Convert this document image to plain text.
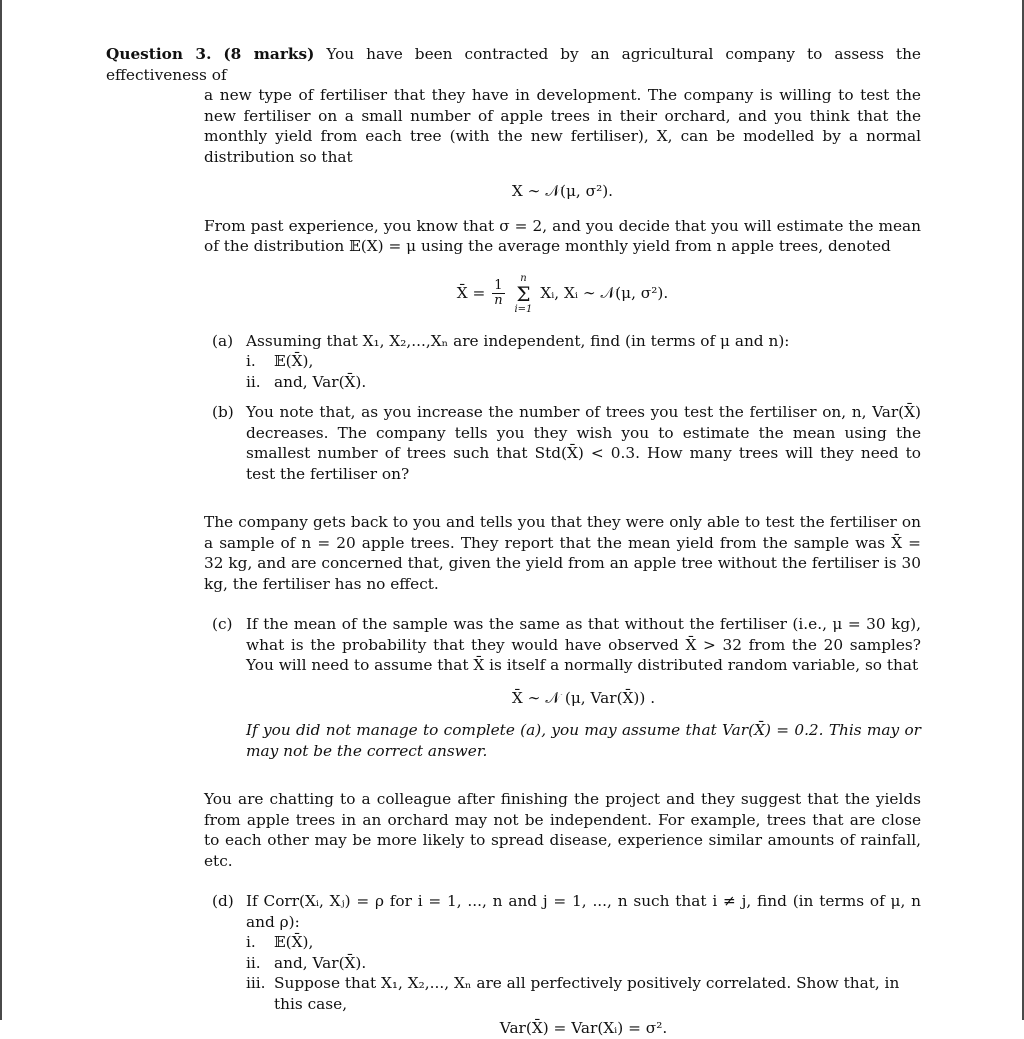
Question 3. (8 marks) You have been contracted by an agricultural company to assess the effectiveness of

a new type of fertiliser that they have in development. The company is willing to test the new fertiliser on a small number of apple trees in their orchard, and you think that the monthly yield from each tree (with the new fertiliser), X, can be modelled by a normal distribution so that

X ∼ 𝒩(μ, σ²).

From past experience, you know that σ = 2, and you decide that you will estimate the mean of the distribution 𝔼(X) = μ using the average monthly yield from n apple trees, denoted

X̄ = $\frac{1}{n}$

n
Σ
i=1
Xᵢ, Xᵢ ∼ 𝒩(μ, σ²).
(a) Assuming that X₁, X₂,...,Xₙ are independent, find (in terms of μ and n):
i. 𝔼(X̄),
ii. and, Var(X̄).
(b) You note that, as you increase the number of trees you test the fertiliser on, n, Var(X̄) decreases. The company tells you they wish you to estimate the mean using the smallest number of trees such that Std(X̄) < 0.3. How many trees will they need to test the fertiliser on?

The company gets back to you and tells you that they were only able to test the fertiliser on a sample of n = 20 apple trees. They report that the mean yield from the sample was X̄ = 32 kg, and are concerned that, given the yield from an apple tree without the fertiliser is 30 kg, the fertiliser has no effect.

(c) If the mean of the sample was the same as that without the fertiliser (i.e., μ = 30 kg), what is the probability that they would have observed X̄ > 32 from the 20 samples? You will need to assume that X̄ is itself a normally distributed random variable, so that
X̄ ∼ 𝒩 (μ, Var(X̄)) .

If you did not manage to complete (a), you may assume that Var(X̄) = 0.2. This may or may not be the correct answer.

You are chatting to a colleague after finishing the project and they suggest that the yields from apple trees in an orchard may not be independent. For example, trees that are close to each other may be more likely to spread disease, experience similar amounts of rainfall, etc.

(d) If Corr(Xᵢ, Xⱼ) = ρ for i = 1, ..., n and j = 1, ..., n such that i ≠ j, find (in terms of μ, n and ρ):
i. 𝔼(X̄),
ii. and, Var(X̄).
iii. Suppose that X₁, X₂,..., Xₙ are all perfectively positively correlated. Show that, in this case,
Var(X̄) = Var(Xᵢ) = σ².
